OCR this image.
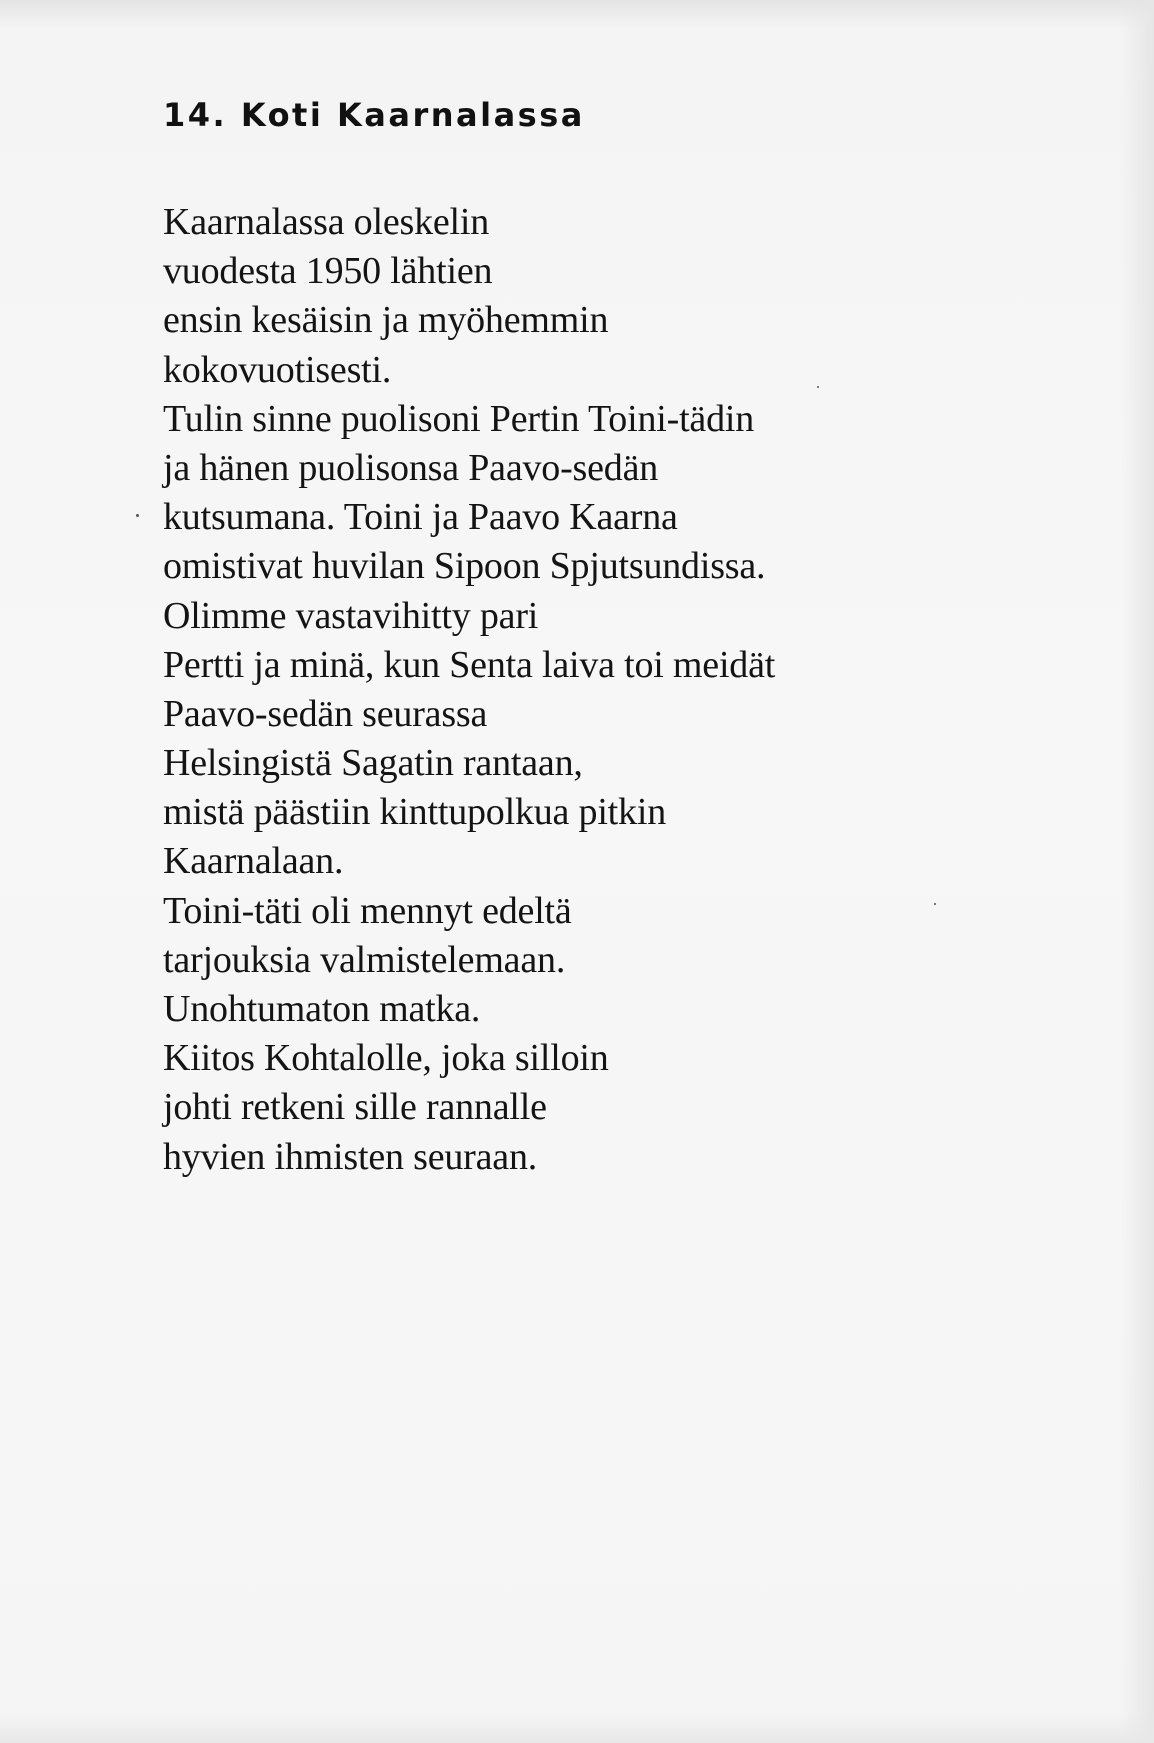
14. Koti Kaarnalassa
Kaarnalassa oleskelin
vuodesta 1950 lähtien
ensin kesäisin ja myöhemmin
kokovuotisesti.
Tulin sinne puolisoni Pertin Toini-tädin
ja hänen puolisonsa Paavo-sedän
kutsumana. Toini ja Paavo Kaarna
omistivat huvilan Sipoon Spjutsundissa.
Olimme vastavihitty pari
Pertti ja minä, kun Senta laiva toi meidät
Paavo-sedän seurassa
Helsingistä Sagatin rantaan,
mistä päästiin kinttupolkua pitkin
Kaarnalaan.
Toini-täti oli mennyt edeltä
tarjouksia valmistelemaan.
Unohtumaton matka.
Kiitos Kohtalolle, joka silloin
johti retkeni sille rannalle
hyvien ihmisten seuraan.
